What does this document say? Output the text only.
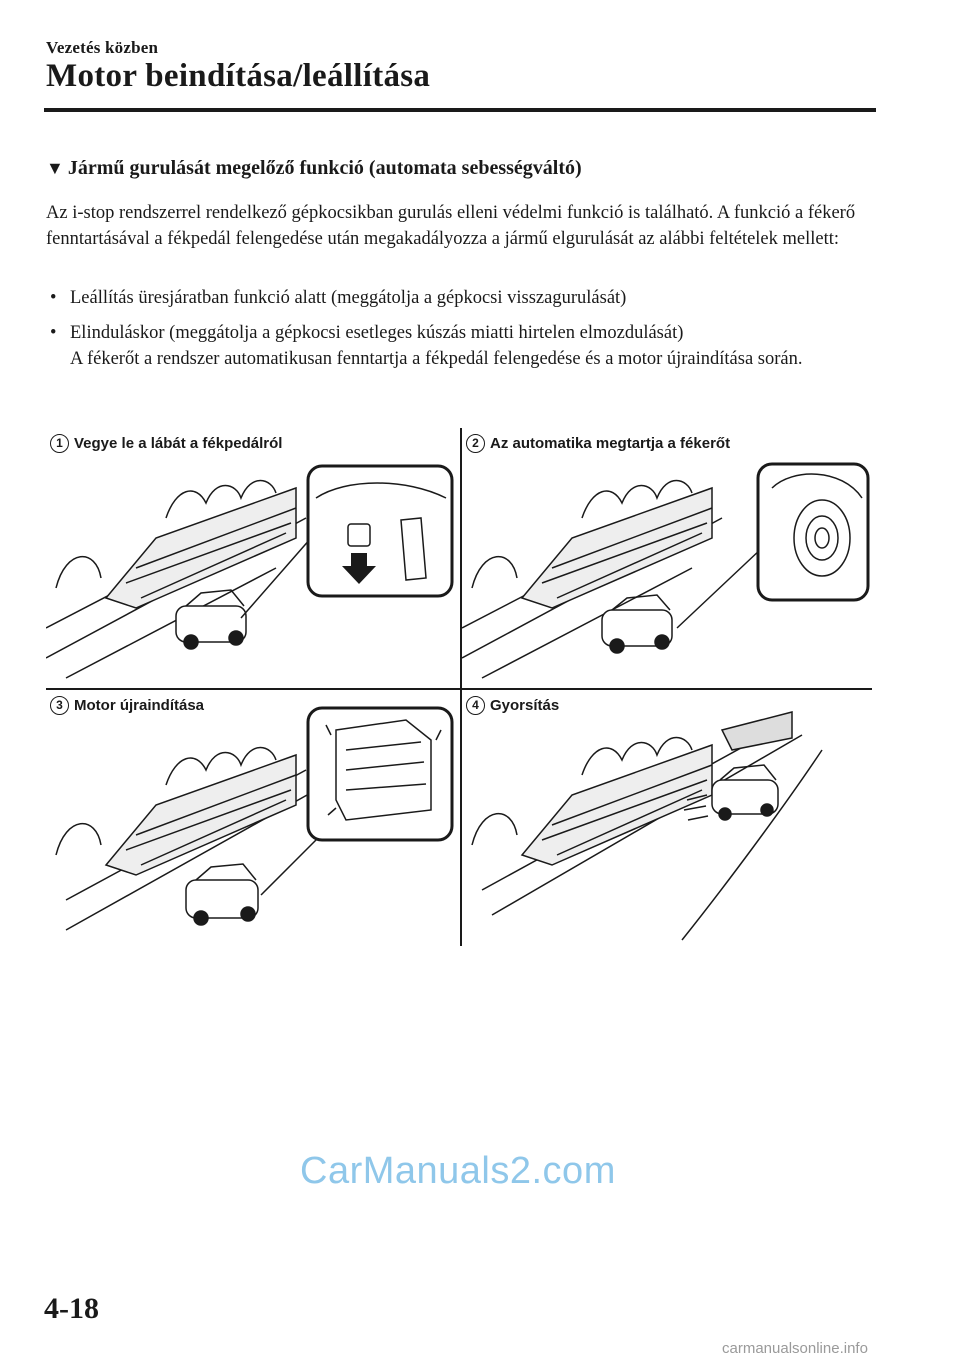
Vezetés közben
Motor beindítása/leállítása
▼ Jármű gurulását megelőző funkció (automata sebességváltó)

Az i-stop rendszerrel rendelkező gépkocsikban gurulás elleni védelmi funkció is található. A funkció a fékerő fenntartásával a fékpedál felengedése után megakadályozza a jármű elgurulását az alábbi feltételek mellett:

• Leállítás üresjáratban funkció alatt (meggátolja a gépkocsi visszagurulását)

• Elinduláskor (meggátolja a gépkocsi esetleges kúszás miatti hirtelen elmozdulását)

A fékerőt a rendszer automatikusan fenntartja a fékpedál felengedése és a motor újraindítása során.

1 Vegye le a lábát a fékpedálról	2 Az automatika megtartja a fékerőt
3 Motor újraindítása	4 Gyorsítás
CarManuals2.com
4-18
carmanualsonline.info
